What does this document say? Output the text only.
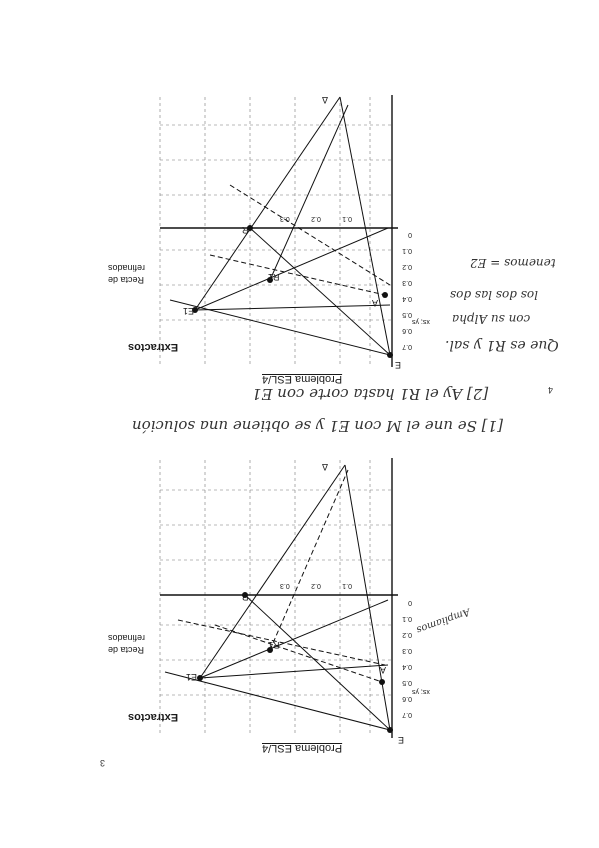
0.1           0.2           0.3
0.7
0.6
0.5
0.4
0.3
0.2
0.1
0
xs; ys
Problema ESL/4
Extractos
Recta de
refinados
E1
R
R1
A
E
Δ
[1] Se une el M con E1 y se obtiene una solución
[2] Ay el R1 hasta corte con E1
Que es R1 y sal.
con su Alpha
los dos las dos
tenemos = E2
0.1           0.2           0.3
0.7
0.6
0.5
0.4
0.3
0.2
0.1
0
xs; ys
Problema ESL/4
Extractos
Recta de
refinados
E1
R
R1
A
E
Δ
Ampliamos
3
4
